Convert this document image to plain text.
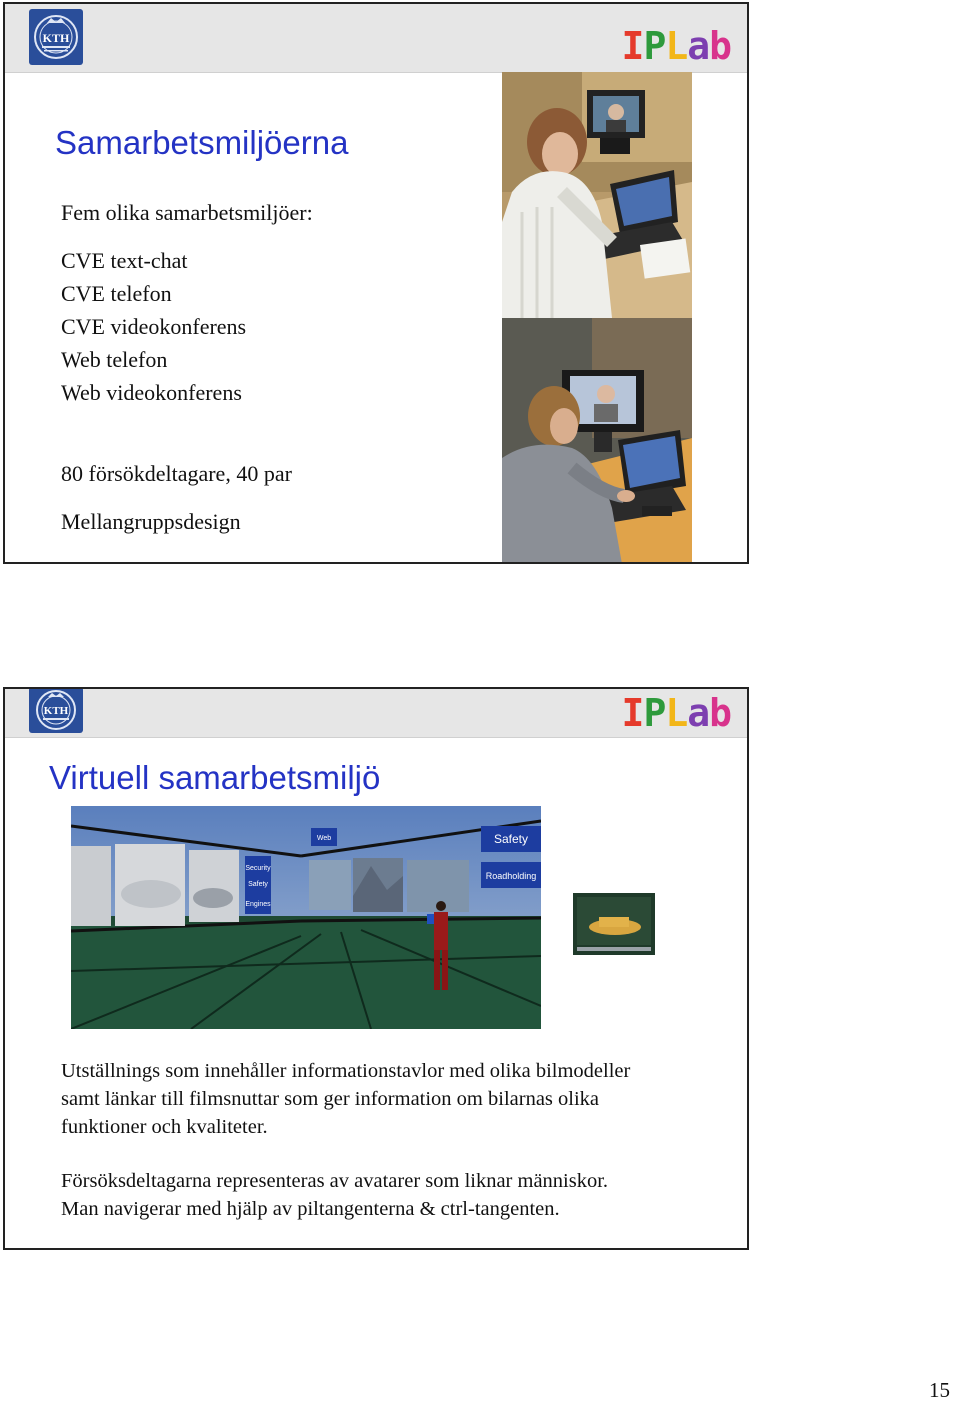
KTH	IPLab
Samarbetsmiljöerna
Fem olika samarbetsmiljöer:
CVE text-chat
CVE telefon
CVE videokonferens
Web telefon
Web videokonferens
80 försökdeltagare, 40 par
Mellangruppsdesign
KTH	IPLab
Virtuell samarbetsmiljö
Security
Safety
Engines
Web	Safety
Roadholding
Utställnings som innehåller informationstavlor med olika bilmodeller
samt länkar till filmsnuttar som ger information om bilarnas olika
funktioner och kvaliteter.
Försöksdeltagarna representeras av avatarer som liknar människor.
Man navigerar med hjälp av piltangenterna & ctrl-tangenten.
15
